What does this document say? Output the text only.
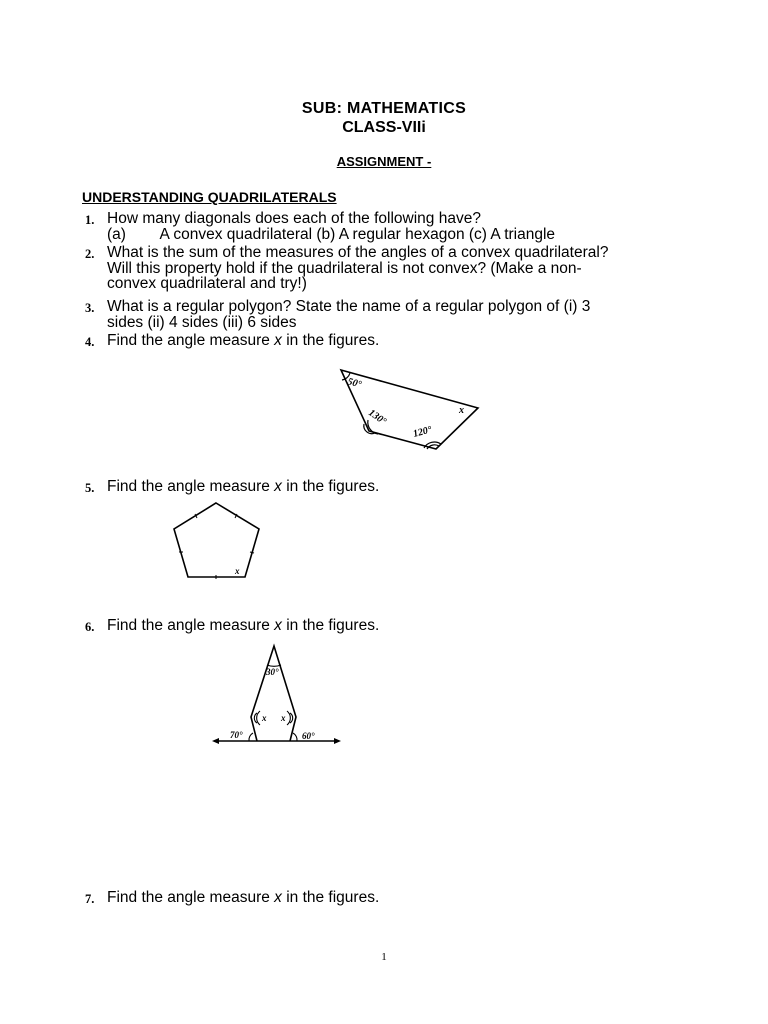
SUB: MATHEMATICS
CLASS-VIIi
ASSIGNMENT -
UNDERSTANDING QUADRILATERALS
1. How many diagonals does each of the following have?
(a)        A convex quadrilateral (b) A regular hexagon (c) A triangle
2. What is the sum of the measures of the angles of a convex quadrilateral?
Will this property hold if the quadrilateral is not convex? (Make a non-
convex quadrilateral and try!)
3. What is a regular polygon? State the name of a regular polygon of (i) 3
sides (ii) 4 sides (iii) 6 sides
4. Find the angle measure x in the figures.
50°
130°
120°
x
5. Find the angle measure x in the figures.
x
6. Find the angle measure x in the figures.
30°
x x
70°	60°
7. Find the angle measure x in the figures.
1
